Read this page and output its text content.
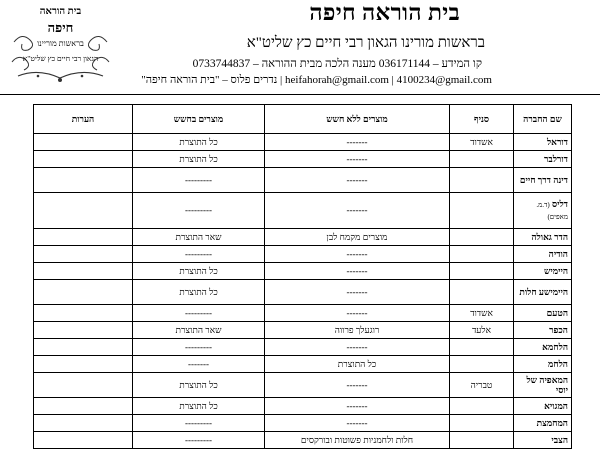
בית הוראה
חיפה
בראשות מוריינו
הגאון רבי חיים כץ שליט"א
בית הוראה חיפה
בראשות מורינו הגאון רבי חיים כץ שליט"א
קו המידע – 036171144 מענה הלכה מבית ההוראה – 0733744837
heifahorah@gmail.com | 4100234@gmail.com | נדרים פלוס – "בית הוראה חיפה"
שם החברה	סניף	מוצרים ללא חשש	מוצרים בחשש	הערות
דוראל	אשדוד	-------	כל התוצרת	
דורלבר		-------	כל התוצרת	
דינה דרך חיים		-------	---------	
דליס (ד.מ. מאפים)		-------	---------	
הדר גאולה		מוצרים מקמח לבן	שאר התוצרת	
הודיה		-------	---------	
היימיש		-------	כל התוצרת	
היימישע חלות		-------	כל התוצרת	
הטעם	אשדוד	-------	---------	
הכפר	אלעד	רוגעלך פרווה	שאר התוצרת	
הלחמא		-------	---------	
הלחמ		כל התוצרת	-------	
המאפיה של יוסי	טבריה	-------	כל התוצרת	
המגויא		-------	כל התוצרת	
המחמצת		-------	---------	
הצבי		חלות ולחמניות פשוטות ובורקסים	---------	
